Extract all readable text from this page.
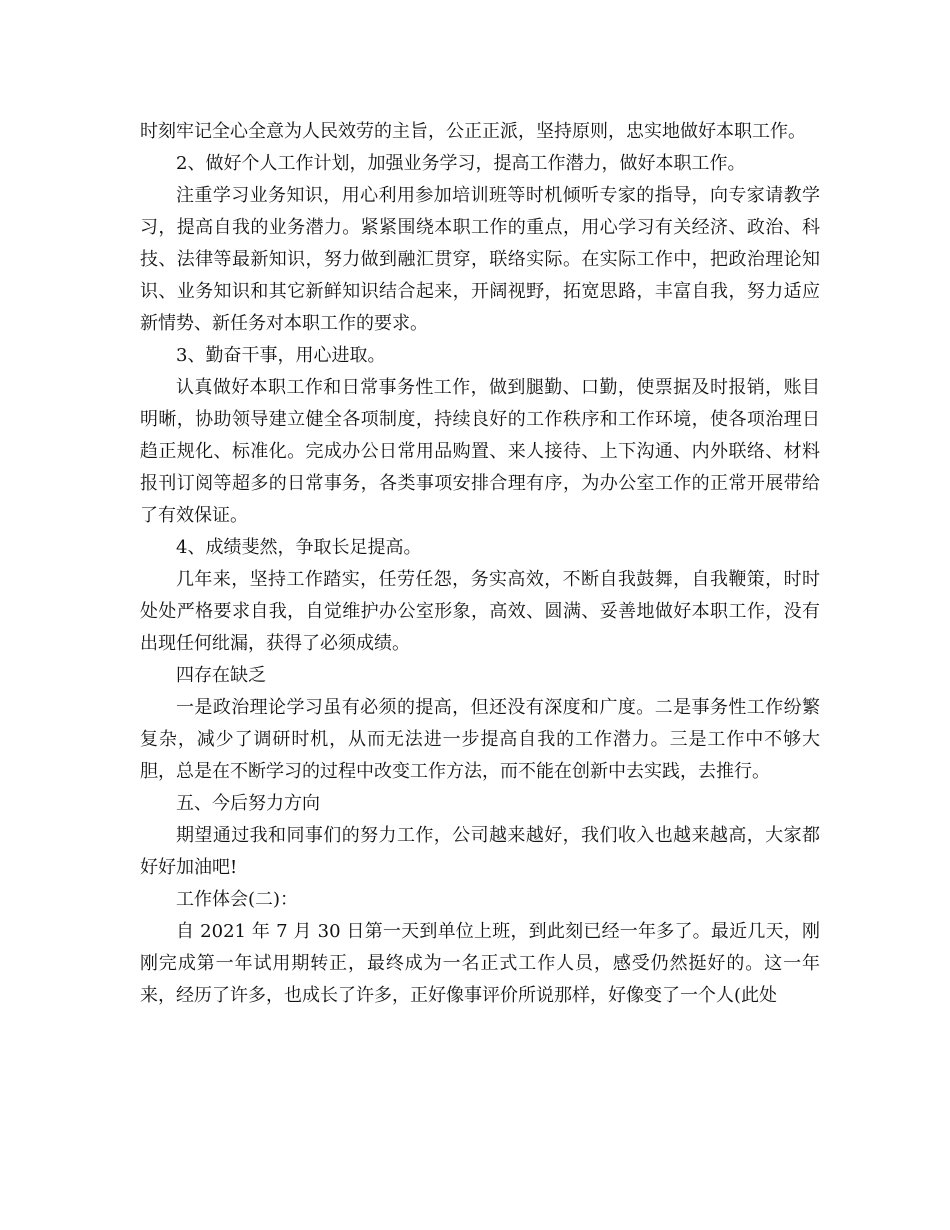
时刻牢记全心全意为人民效劳的主旨，公正正派，坚持原则，忠实地做好本职工作。

2、做好个人工作计划，加强业务学习，提高工作潜力，做好本职工作。

注重学习业务知识，用心利用参加培训班等时机倾听专家的指导，向专家请教学习，提高自我的业务潜力。紧紧围绕本职工作的重点，用心学习有关经济、政治、科技、法律等最新知识，努力做到融汇贯穿，联络实际。在实际工作中，把政治理论知识、业务知识和其它新鲜知识结合起来，开阔视野，拓宽思路，丰富自我，努力适应新情势、新任务对本职工作的要求。

3、勤奋干事，用心进取。

认真做好本职工作和日常事务性工作，做到腿勤、口勤，使票据及时报销，账目明晰，协助领导建立健全各项制度，持续良好的工作秩序和工作环境，使各项治理日趋正规化、标准化。完成办公日常用品购置、来人接待、上下沟通、内外联络、材料报刊订阅等超多的日常事务，各类事项安排合理有序，为办公室工作的正常开展带给了有效保证。

4、成绩斐然，争取长足提高。

几年来，坚持工作踏实，任劳任怨，务实高效，不断自我鼓舞，自我鞭策，时时处处严格要求自我，自觉维护办公室形象，高效、圆满、妥善地做好本职工作，没有出现任何纰漏，获得了必须成绩。

四存在缺乏

一是政治理论学习虽有必须的提高，但还没有深度和广度。二是事务性工作纷繁复杂，减少了调研时机，从而无法进一步提高自我的工作潜力。三是工作中不够大胆，总是在不断学习的过程中改变工作方法，而不能在创新中去实践，去推行。

五、今后努力方向

期望通过我和同事们的努力工作，公司越来越好，我们收入也越来越高，大家都好好加油吧!

工作体会(二)：

自 2021 年 7 月 30 日第一天到单位上班，到此刻已经一年多了。最近几天，刚刚完成第一年试用期转正，最终成为一名正式工作人员，感受仍然挺好的。这一年来，经历了许多，也成长了许多，正好像事评价所说那样，好像变了一个人(此处
